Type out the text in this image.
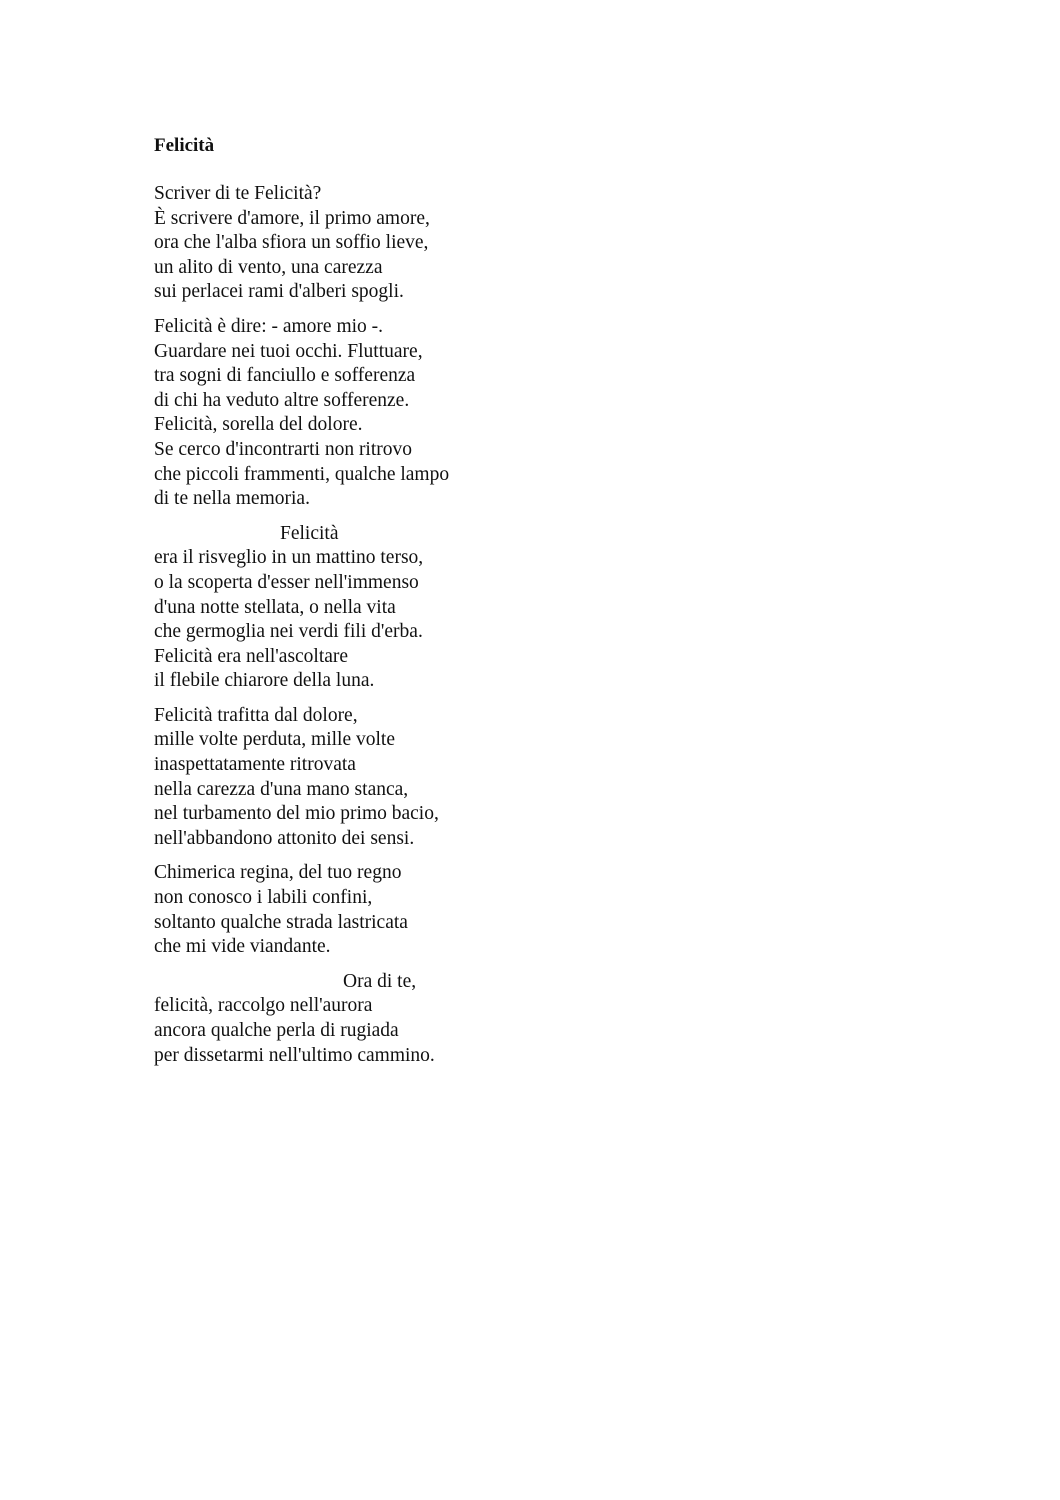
Felicità
Scriver di te Felicità?
È scrivere d'amore, il primo amore,
ora che l'alba sfiora un soffio lieve,
un alito di vento, una carezza
sui perlacei rami d'alberi spogli.
Felicità è dire: - amore mio -.
Guardare nei tuoi occhi. Fluttuare,
tra sogni di fanciullo e sofferenza
di chi ha veduto altre sofferenze.
Felicità, sorella del dolore.
Se cerco d'incontrarti non ritrovo
che piccoli frammenti, qualche lampo
di te nella memoria.
Felicità
era il risveglio in un mattino terso,
o la scoperta d'esser nell'immenso
d'una notte stellata, o nella vita
che germoglia nei verdi fili d'erba.
Felicità era nell'ascoltare
il flebile chiarore della luna.
Felicità trafitta dal dolore,
mille volte perduta, mille volte
inaspettatamente ritrovata
nella carezza d'una mano stanca,
nel turbamento del mio primo bacio,
nell'abbandono attonito dei sensi.
Chimerica regina, del tuo regno
non conosco i labili confini,
soltanto qualche strada lastricata
che mi vide viandante.
Ora di te,
felicità, raccolgo nell'aurora
ancora qualche perla di rugiada
per dissetarmi nell'ultimo cammino.
